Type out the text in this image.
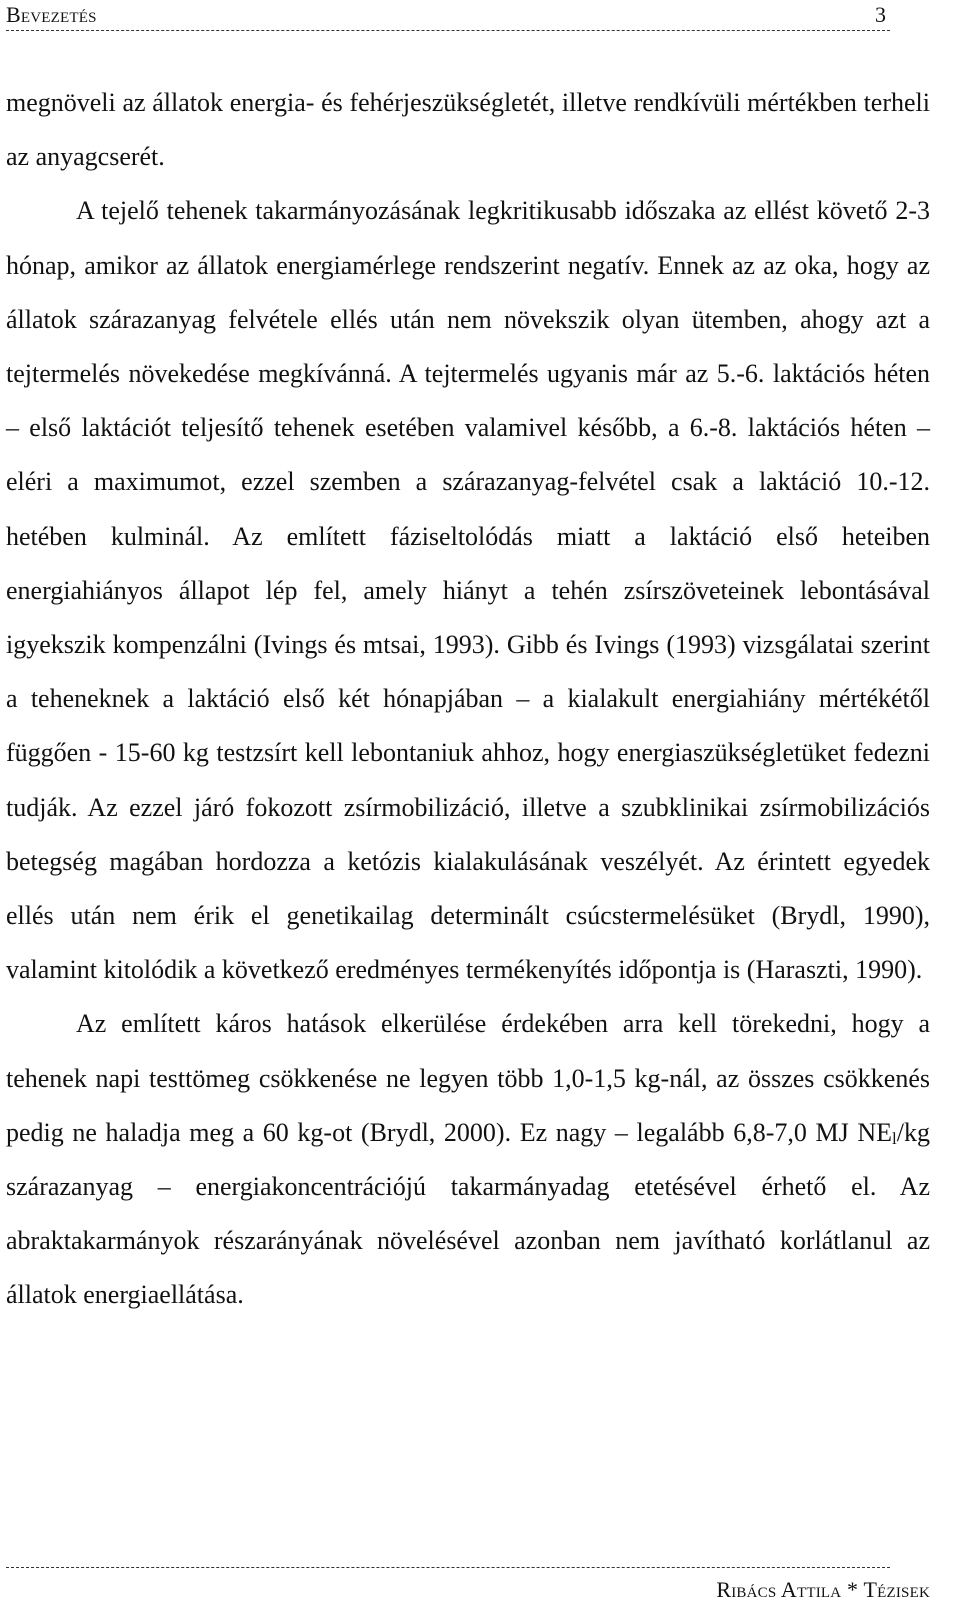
Bevezetés	3

megnöveli az állatok energia- és fehérjeszükségletét, illetve rendkívüli mértékben terheli az anyagcserét.

A tejelő tehenek takarmányozásának legkritikusabb időszaka az ellést követő 2-3 hónap, amikor az állatok energiamérlege rendszerint negatív. Ennek az az oka, hogy az állatok szárazanyag felvétele ellés után nem növekszik olyan ütemben, ahogy azt a tejtermelés növekedése megkívánná. A tejtermelés ugyanis már az 5.-6. laktációs héten – első laktációt teljesítő tehenek esetében valamivel később, a 6.-8. laktációs héten – eléri a maximumot, ezzel szemben a szárazanyag-felvétel csak a laktáció 10.-12. hetében kulminál. Az említett fáziseltolódás miatt a laktáció első heteiben energiahiányos állapot lép fel, amely hiányt a tehén zsírszöveteinek lebontásával igyekszik kompenzálni (Ivings és mtsai, 1993). Gibb és Ivings (1993) vizsgálatai szerint a teheneknek a laktáció első két hónapjában – a kialakult energiahiány mértékétől függően - 15-60 kg testzsírt kell lebontaniuk ahhoz, hogy energiaszükségletüket fedezni tudják. Az ezzel járó fokozott zsírmobilizáció, illetve a szubklinikai zsírmobilizációs betegség magában hordozza a ketózis kialakulásának veszélyét. Az érintett egyedek ellés után nem érik el genetikailag determinált csúcstermelésüket (Brydl, 1990), valamint kitolódik a következő eredményes termékenyítés időpontja is (Haraszti, 1990).

Az említett káros hatások elkerülése érdekében arra kell törekedni, hogy a tehenek napi testtömeg csökkenése ne legyen több 1,0-1,5 kg-nál, az összes csökkenés pedig ne haladja meg a 60 kg-ot (Brydl, 2000). Ez nagy – legalább 6,8-7,0 MJ $NE_l/kg$ szárazanyag – energiakoncentrációjú takarmányadag etetésével érhető el. Az abraktakarmányok részarányának növelésével azonban nem javítható korlátlanul az állatok energiaellátása.

Ribács Attila * Tézisek
